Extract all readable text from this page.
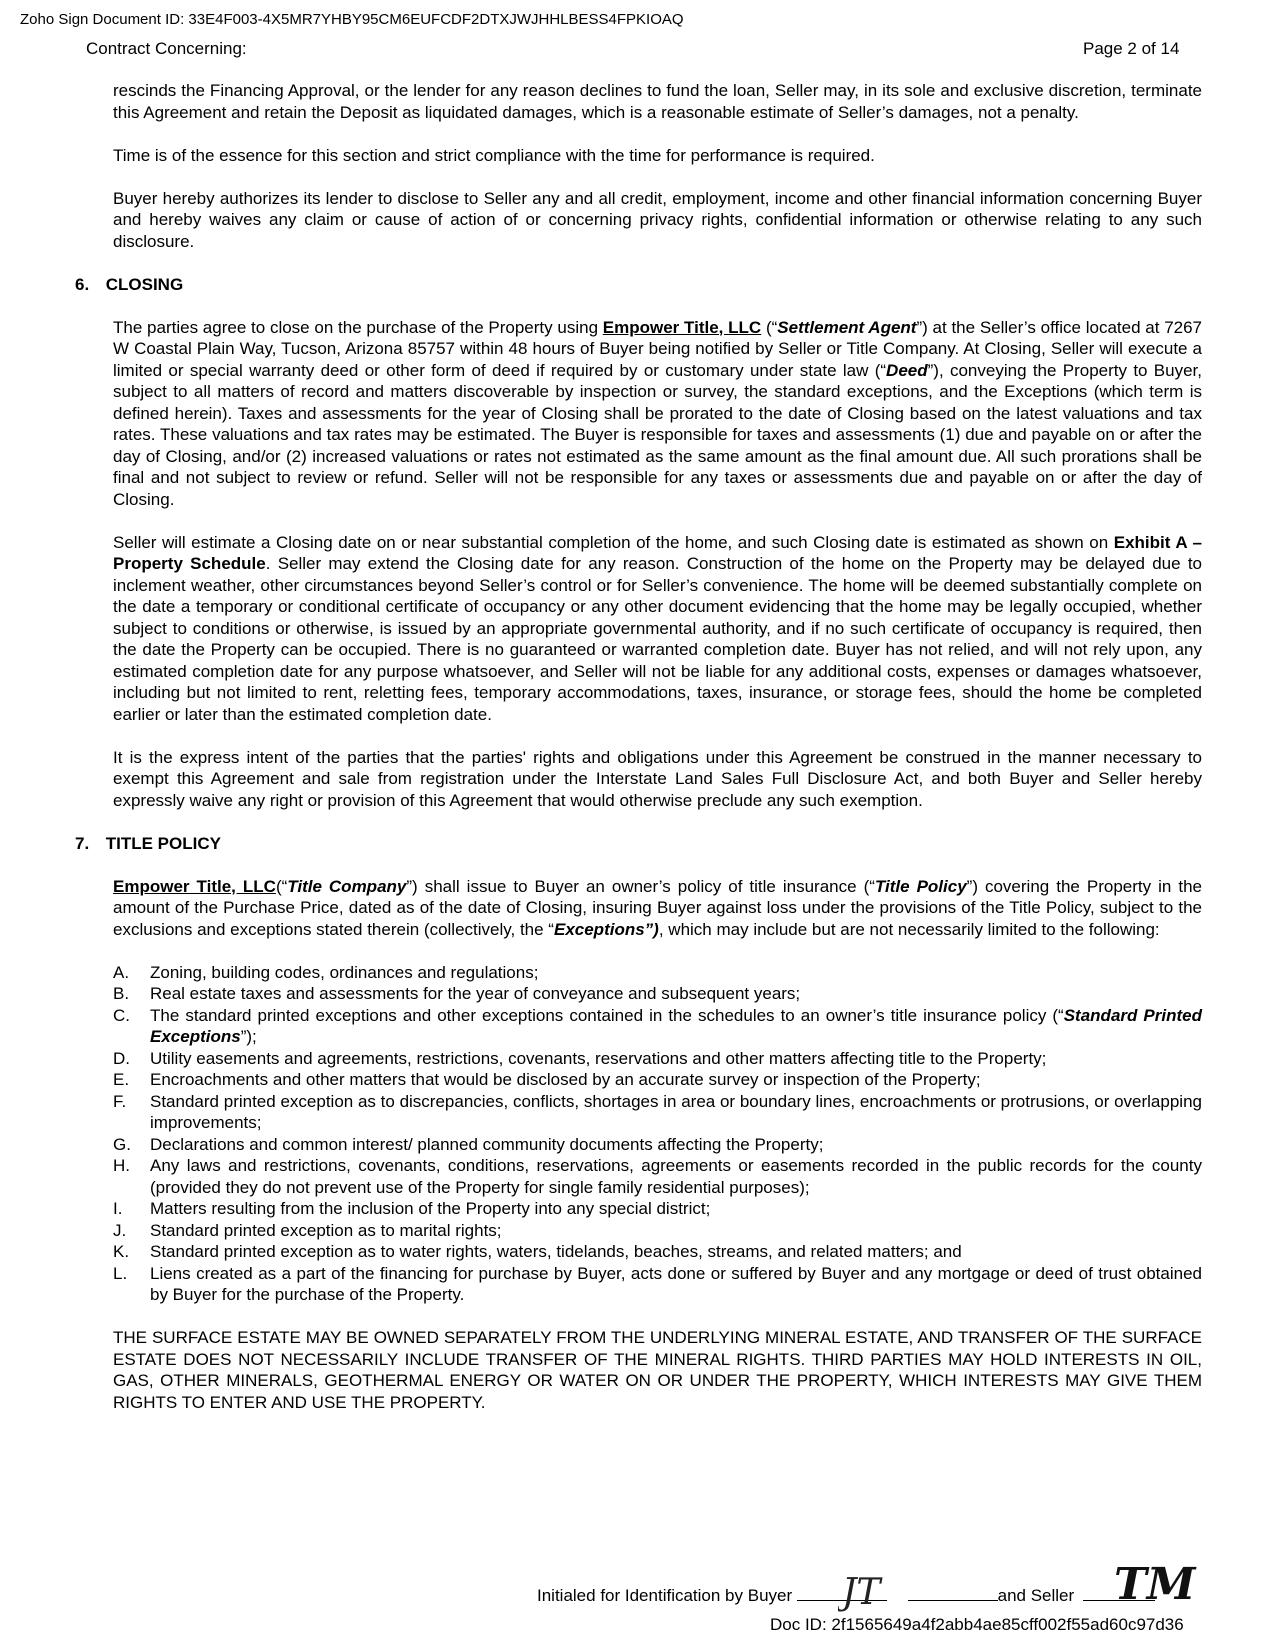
Zoho Sign Document ID: 33E4F003-4X5MR7YHBY95CM6EUFCDF2DTXJWJHHLBESS4FPKIOAQ
Contract Concerning:	Page 2 of 14

rescinds the Financing Approval, or the lender for any reason declines to fund the loan, Seller may, in its sole and exclusive discretion, terminate this Agreement and retain the Deposit as liquidated damages, which is a reasonable estimate of Seller’s damages, not a penalty.

Time is of the essence for this section and strict compliance with the time for performance is required.

Buyer hereby authorizes its lender to disclose to Seller any and all credit, employment, income and other financial information concerning Buyer and hereby waives any claim or cause of action of or concerning privacy rights, confidential information or otherwise relating to any such disclosure.

6. CLOSING

The parties agree to close on the purchase of the Property using Empower Title, LLC (“Settlement Agent”) at the Seller’s office located at 7267 W Coastal Plain Way, Tucson, Arizona 85757 within 48 hours of Buyer being notified by Seller or Title Company. At Closing, Seller will execute a limited or special warranty deed or other form of deed if required by or customary under state law (“Deed”), conveying the Property to Buyer, subject to all matters of record and matters discoverable by inspection or survey, the standard exceptions, and the Exceptions (which term is defined herein). Taxes and assessments for the year of Closing shall be prorated to the date of Closing based on the latest valuations and tax rates. These valuations and tax rates may be estimated. The Buyer is responsible for taxes and assessments (1) due and payable on or after the day of Closing, and/or (2) increased valuations or rates not estimated as the same amount as the final amount due. All such prorations shall be final and not subject to review or refund. Seller will not be responsible for any taxes or assessments due and payable on or after the day of Closing.

Seller will estimate a Closing date on or near substantial completion of the home, and such Closing date is estimated as shown on Exhibit A – Property Schedule. Seller may extend the Closing date for any reason. Construction of the home on the Property may be delayed due to inclement weather, other circumstances beyond Seller’s control or for Seller’s convenience. The home will be deemed substantially complete on the date a temporary or conditional certificate of occupancy or any other document evidencing that the home may be legally occupied, whether subject to conditions or otherwise, is issued by an appropriate governmental authority, and if no such certificate of occupancy is required, then the date the Property can be occupied. There is no guaranteed or warranted completion date. Buyer has not relied, and will not rely upon, any estimated completion date for any purpose whatsoever, and Seller will not be liable for any additional costs, expenses or damages whatsoever, including but not limited to rent, reletting fees, temporary accommodations, taxes, insurance, or storage fees, should the home be completed earlier or later than the estimated completion date.

It is the express intent of the parties that the parties' rights and obligations under this Agreement be construed in the manner necessary to exempt this Agreement and sale from registration under the Interstate Land Sales Full Disclosure Act, and both Buyer and Seller hereby expressly waive any right or provision of this Agreement that would otherwise preclude any such exemption.

7. TITLE POLICY

Empower Title, LLC(“Title Company”) shall issue to Buyer an owner’s policy of title insurance (“Title Policy”) covering the Property in the amount of the Purchase Price, dated as of the date of Closing, insuring Buyer against loss under the provisions of the Title Policy, subject to the exclusions and exceptions stated therein (collectively, the “Exceptions”), which may include but are not necessarily limited to the following:

A.	Zoning, building codes, ordinances and regulations;
B.	Real estate taxes and assessments for the year of conveyance and subsequent years;
C.	The standard printed exceptions and other exceptions contained in the schedules to an owner’s title insurance policy (“Standard Printed Exceptions”);
D.	Utility easements and agreements, restrictions, covenants, reservations and other matters affecting title to the Property;
E.	Encroachments and other matters that would be disclosed by an accurate survey or inspection of the Property;
F.	Standard printed exception as to discrepancies, conflicts, shortages in area or boundary lines, encroachments or protrusions, or overlapping improvements;
G.	Declarations and common interest/ planned community documents affecting the Property;
H.	Any laws and restrictions, covenants, conditions, reservations, agreements or easements recorded in the public records for the county (provided they do not prevent use of the Property for single family residential purposes);
I.	Matters resulting from the inclusion of the Property into any special district;
J.	Standard printed exception as to marital rights;
K.	Standard printed exception as to water rights, waters, tidelands, beaches, streams, and related matters; and
L.	Liens created as a part of the financing for purchase by Buyer, acts done or suffered by Buyer and any mortgage or deed of trust obtained by Buyer for the purchase of the Property.

THE SURFACE ESTATE MAY BE OWNED SEPARATELY FROM THE UNDERLYING MINERAL ESTATE, AND TRANSFER OF THE SURFACE ESTATE DOES NOT NECESSARILY INCLUDE TRANSFER OF THE MINERAL RIGHTS. THIRD PARTIES MAY HOLD INTERESTS IN OIL, GAS, OTHER MINERALS, GEOTHERMAL ENERGY OR WATER ON OR UNDER THE PROPERTY, WHICH INTERESTS MAY GIVE THEM RIGHTS TO ENTER AND USE THE PROPERTY.

Initialed for Identification by Buyer	and Seller
JT	TM
Doc ID: 2f1565649a4f2abb4ae85cff002f55ad60c97d36
